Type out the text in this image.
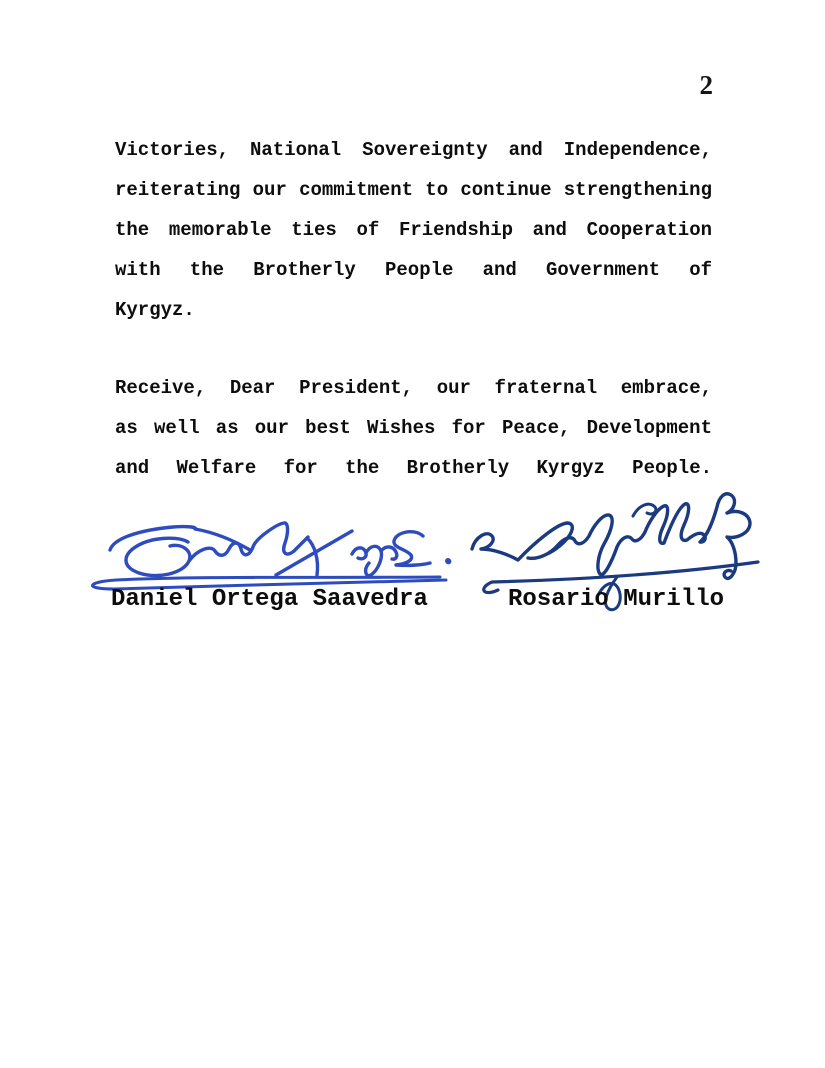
2
Victories, National Sovereignty and Independence,
reiterating our commitment to continue strengthening
the memorable ties of Friendship and Cooperation
with the Brotherly People and Government of
Kyrgyz.
Receive, Dear President, our fraternal embrace,
as well as our best Wishes for Peace, Development
and Welfare for the Brotherly Kyrgyz People.
Daniel Ortega Saavedra	Rosario Murillo
